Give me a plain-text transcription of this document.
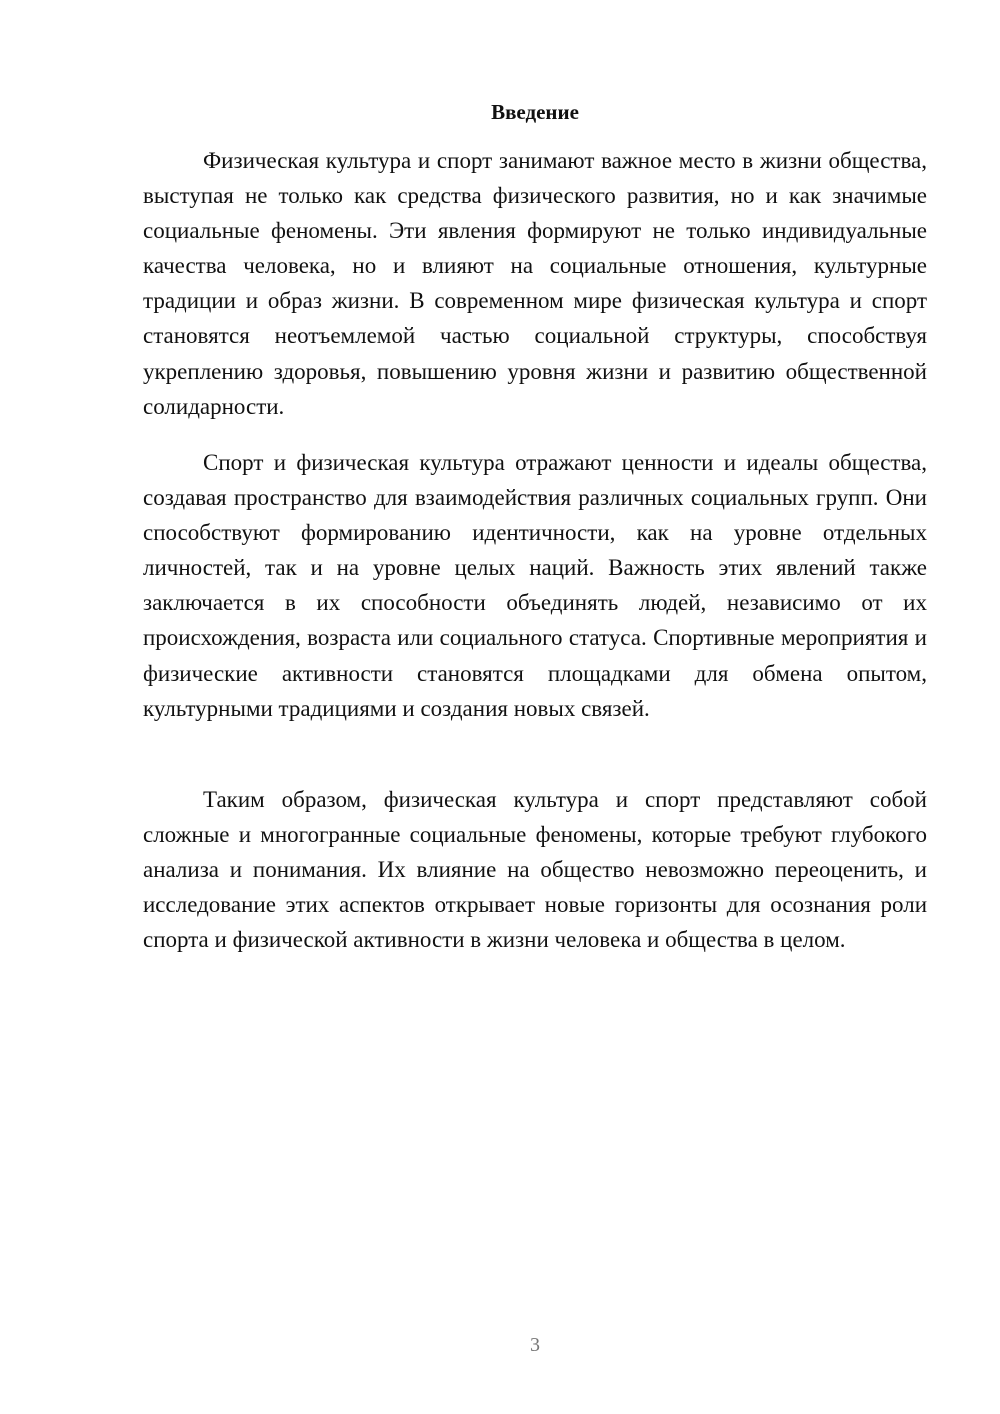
Введение

Физическая культура и спорт занимают важное место в жизни общества, выступая не только как средства физического развития, но и как значимые социальные феномены. Эти явления формируют не только индивидуальные качества человека, но и влияют на социальные отношения, культурные традиции и образ жизни. В современном мире физическая культура и спорт становятся неотъемлемой частью социальной структуры, способствуя укреплению здоровья, повышению уровня жизни и развитию общественной солидарности.

Спорт и физическая культура отражают ценности и идеалы общества, создавая пространство для взаимодействия различных социальных групп. Они способствуют формированию идентичности, как на уровне отдельных личностей, так и на уровне целых наций. Важность этих явлений также заключается в их способности объединять людей, независимо от их происхождения, возраста или социального статуса. Спортивные мероприятия и физические активности становятся площадками для обмена опытом, культурными традициями и создания новых связей.

Таким образом, физическая культура и спорт представляют собой сложные и многогранные социальные феномены, которые требуют глубокого анализа и понимания. Их влияние на общество невозможно переоценить, и исследование этих аспектов открывает новые горизонты для осознания роли спорта и физической активности в жизни человека и общества в целом.

3
